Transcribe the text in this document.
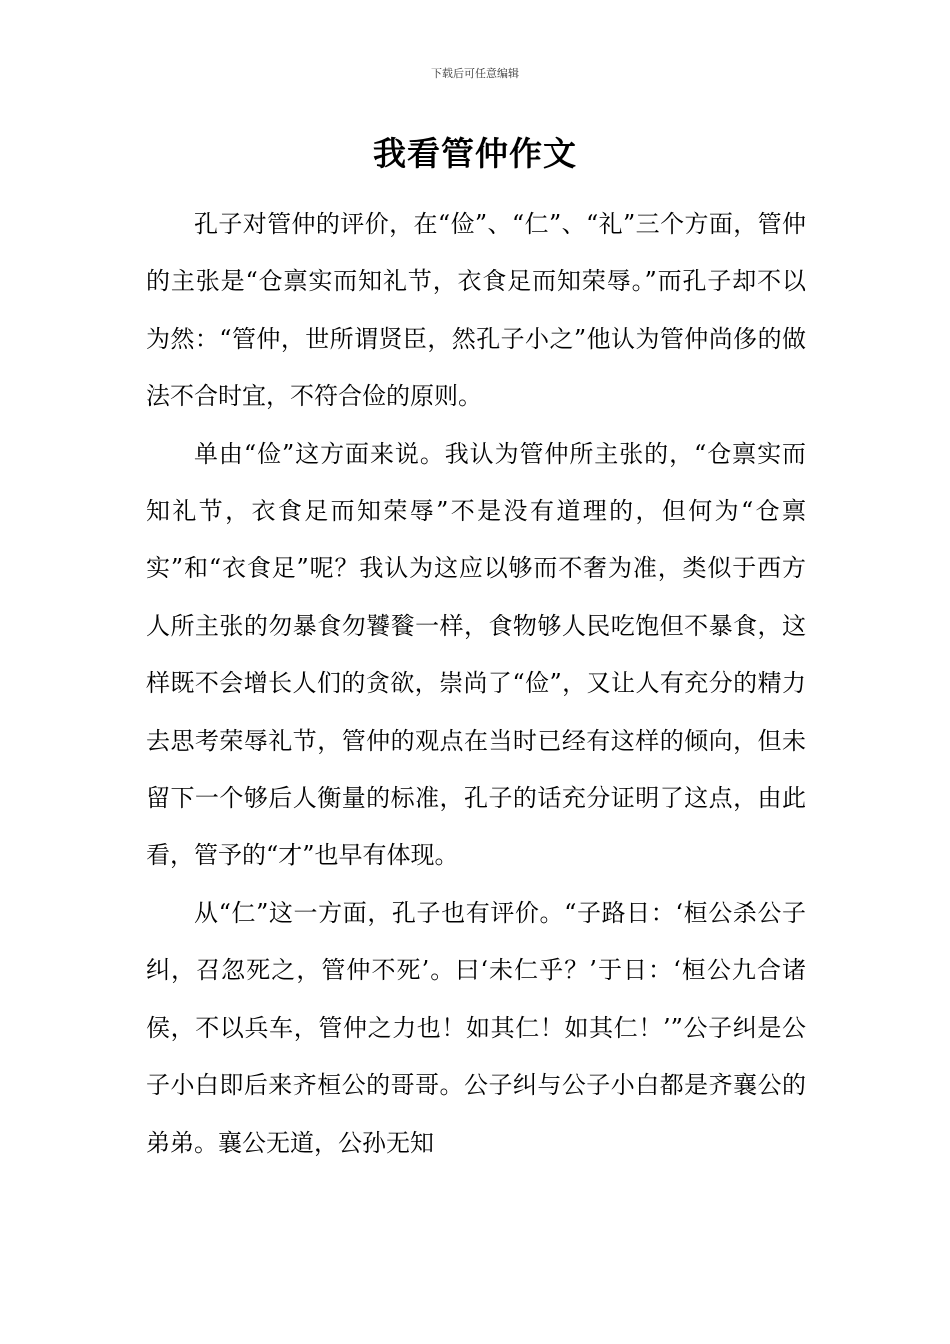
下载后可任意编辑
我看管仲作文

孔子对管仲的评价，在“俭”、“仁”、“礼”三个方面，管仲的主张是“仓禀实而知礼节，衣食足而知荣辱。”而孔子却不以为然：“管仲，世所谓贤臣，然孔子小之”他认为管仲尚侈的做法不合时宜，不符合俭的原则。

单由“俭”这方面来说。我认为管仲所主张的，“仓禀实而知礼节，衣食足而知荣辱”不是没有道理的，但何为“仓禀实”和“衣食足”呢？我认为这应以够而不奢为准，类似于西方人所主张的勿暴食勿饕餮一样，食物够人民吃饱但不暴食，这样既不会增长人们的贪欲，崇尚了“俭”，又让人有充分的精力去思考荣辱礼节，管仲的观点在当时已经有这样的倾向，但未留下一个够后人衡量的标准，孔子的话充分证明了这点，由此看，管予的“才”也早有体现。

从“仁”这一方面，孔子也有评价。“子路日：‘桓公杀公子纠，召忽死之，管仲不死’。曰‘未仁乎？’于日：‘桓公九合诸侯，不以兵车，管仲之力也！如其仁！如其仁！’”公子纠是公子小白即后来齐桓公的哥哥。公子纠与公子小白都是齐襄公的弟弟。襄公无道，公孙无知
